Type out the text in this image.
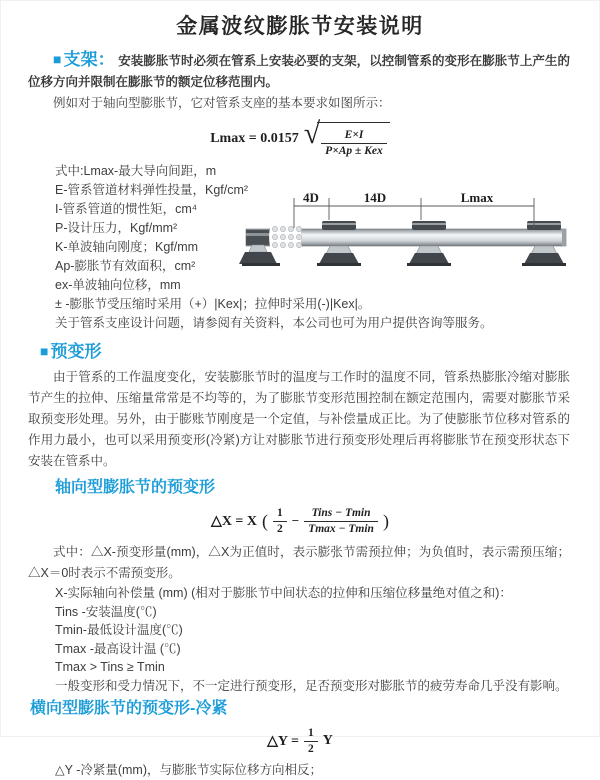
金属波纹膨胀节安装说明

■ 支架： 安装膨胀节时必须在管系上安装必要的支架，以控制管系的变形在膨胀节上产生的位移方向并限制在膨胀节的额定位移范围内。

例如对于轴向型膨胀节，它对管系支座的基本要求如图所示：

Lmax = 0.0157 √ $\frac{E\times I}{\text{P×Ap ± Kex}}$
式中:Lmax-最大导向间距，m
E-管系管道材料弹性投量，Kgf/cm²
I-管系管道的惯性矩，cm⁴
P-设计压力，Kgf/mm²
K-单波轴向刚度；Kgf/mm
Ap-膨胀节有效面积，cm²
ex-单波轴向位移，mm
4D	14D	Lmax
± -膨胀节受压缩时采用（+）|Kex|；拉伸时采用(-)|Kex|。
关于管系支座设计问题，请参阅有关资料，本公司也可为用户提供咨询等服务。
■ 预变形

由于管系的工作温度变化，安装膨胀节时的温度与工作时的温度不同，管系热膨胀冷缩对膨胀节产生的拉伸、压缩量常常是不均等的，为了膨胀节变形范围控制在额定范围内，需要对膨胀节采取预变形处理。另外，由于膨账节刚度是一个定值，与补偿量成正比。为了使膨胀节位移对管系的作用力最小，也可以采用预变形(冷紧)方让对膨胀节进行预变形处理后再将膨胀节在预变形状态下安装在管系中。

轴向型膨胀节的预变形
△X = X ( $\frac{1}{2} - \frac{\text{Tins − Tmin}}{Tmax - Tmin}$ )

式中：△X-预变形量(mm)，△X为正值时，表示膨张节需预拉伸；为负值时，表示需预压缩；△X＝0时表示不需预变形。

X-实际轴向补偿量 (mm) (相对于膨胀节中间状态的拉伸和压缩位移量绝对值之和)：
Tins -安装温度(℃)
Tmin-最低设计温度(℃)
Tmax -最高设计温 (℃)
Tmax > Tins ≥ Tmin
一般变形和受力情况下，不一定进行预变形，足否预变形对膨胀节的疲劳寿命几乎没有影响。
横向型膨胀节的预变形-冷紧
△Y = $\frac{1}{2}$ Y
△Y -冷紧量(mm)，与膨胀节实际位移方向相反；
